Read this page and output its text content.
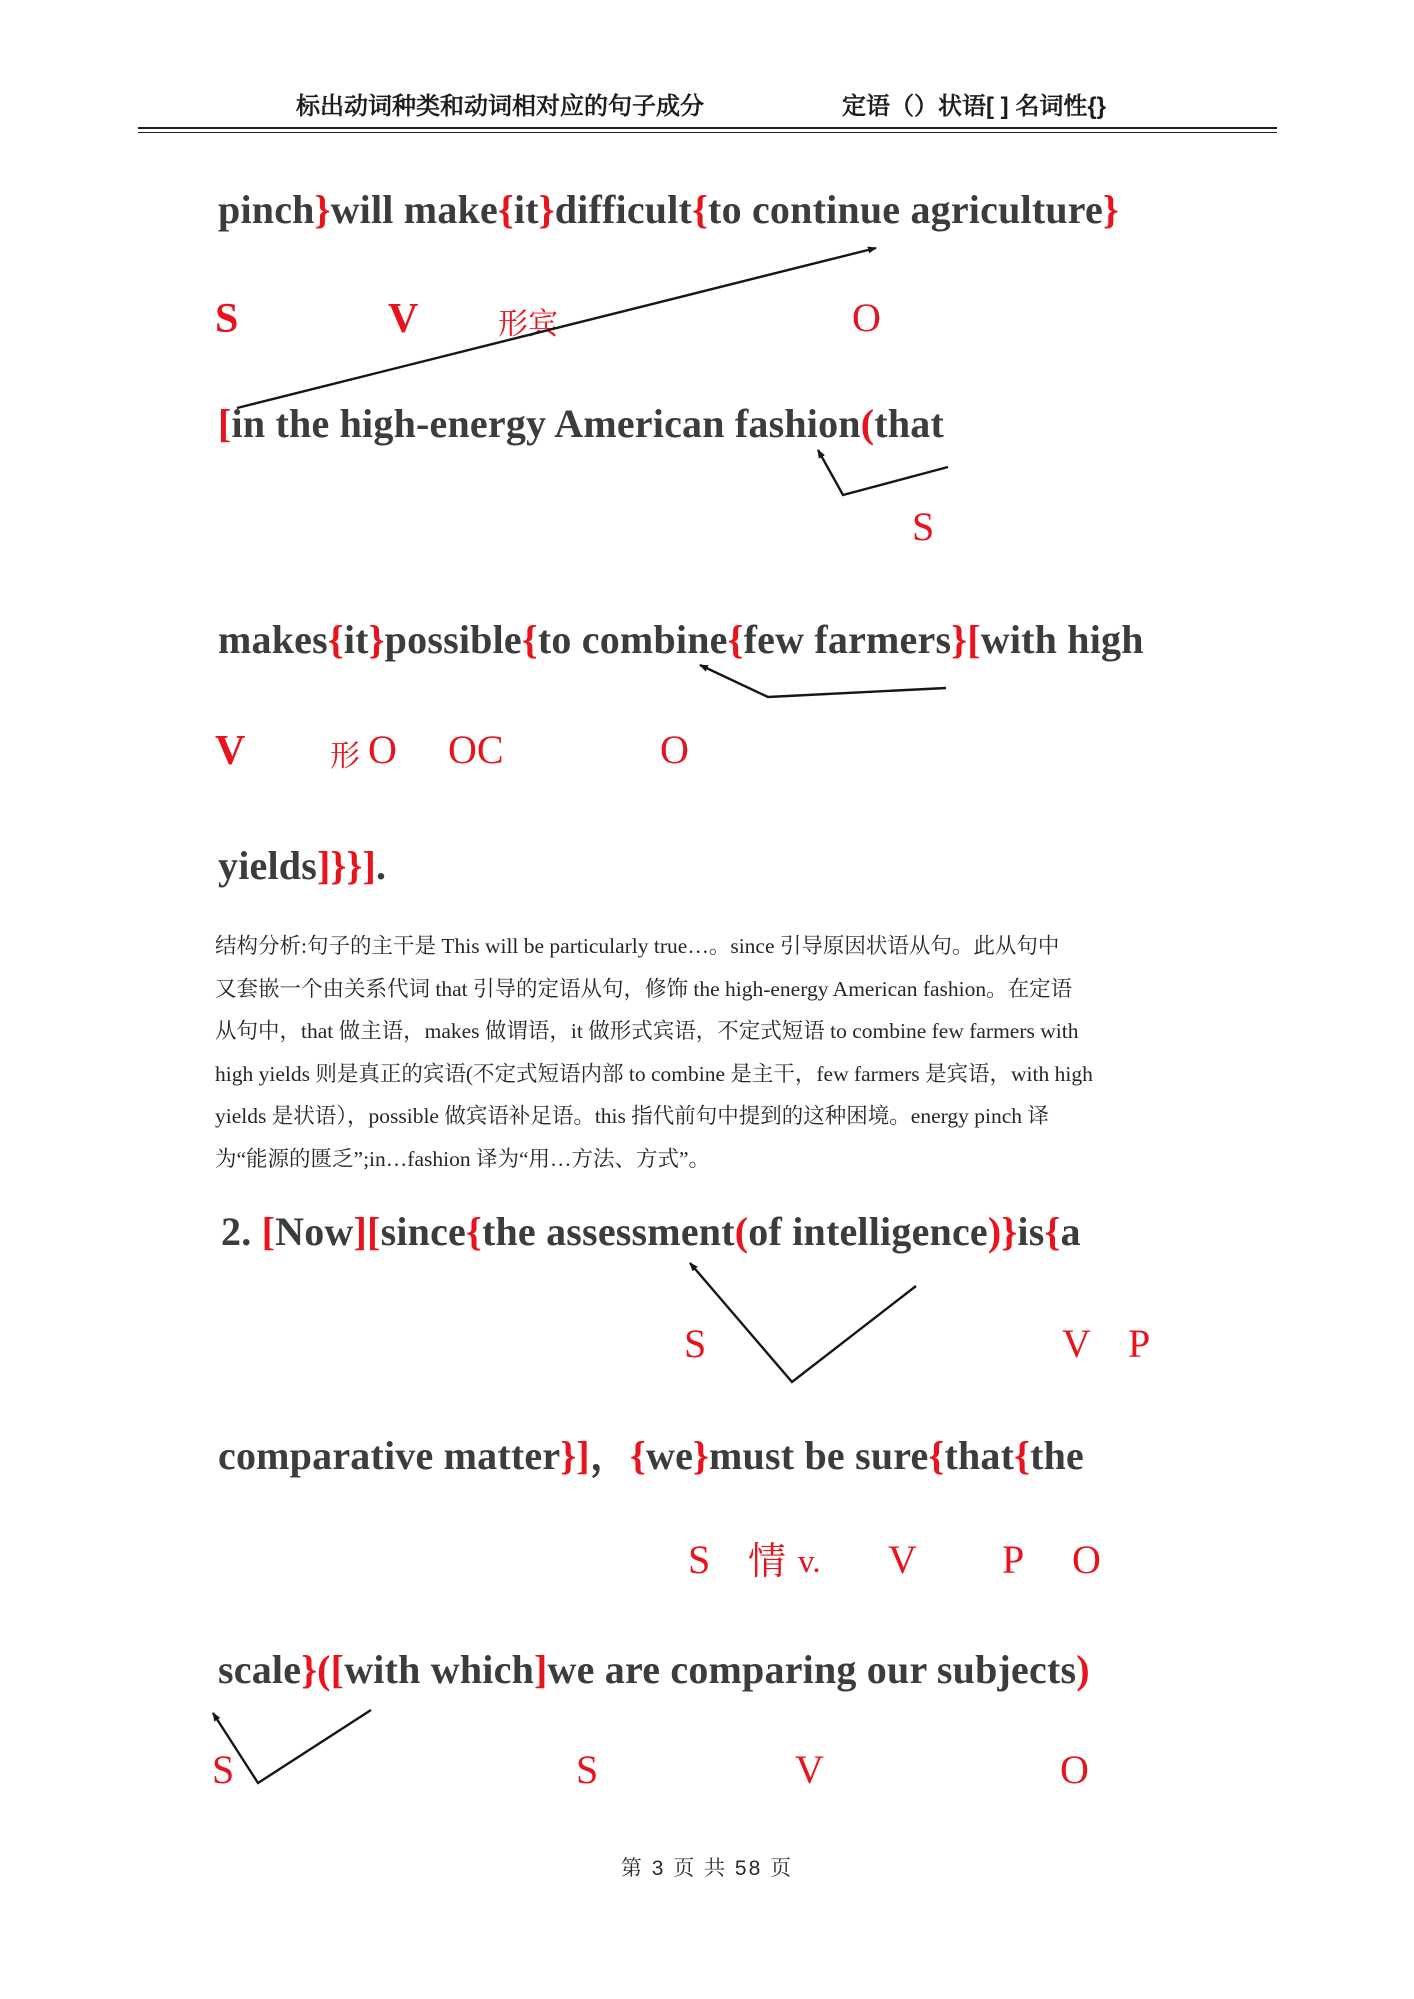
标出动词种类和动词相对应的句子成分	定语（）状语[ ] 名词性{}
结构分析:句子的主干是 This will be particularly true…。since 引导原因状语从句。此从句中
又套嵌一个由关系代词 that 引导的定语从句，修饰 the high-energy American fashion。在定语
从句中，that 做主语，makes 做谓语，it 做形式宾语，不定式短语 to combine few farmers with
high yields 则是真正的宾语(不定式短语内部 to combine 是主干，few farmers 是宾语，with high
yields 是状语），possible 做宾语补足语。this 指代前句中提到的这种困境。energy pinch 译
为“能源的匮乏”;in…fashion 译为“用…方法、方式”。
第 3 页 共 58 页
pinch}will make{it}difficult{to continue agriculture}
[in the high-energy American fashion(that
makes{it}possible{to combine{few farmers}[with high
yields]}}].
2. [Now][since{the assessment(of intelligence)}is{a
comparative matter}]，{we}must be sure{that{the
scale}([with which]we are comparing our subjects)
S	V	形宾	O
S
V	形 O OC	O
S	V P
S 情 v. V P O
S	S	V	O
